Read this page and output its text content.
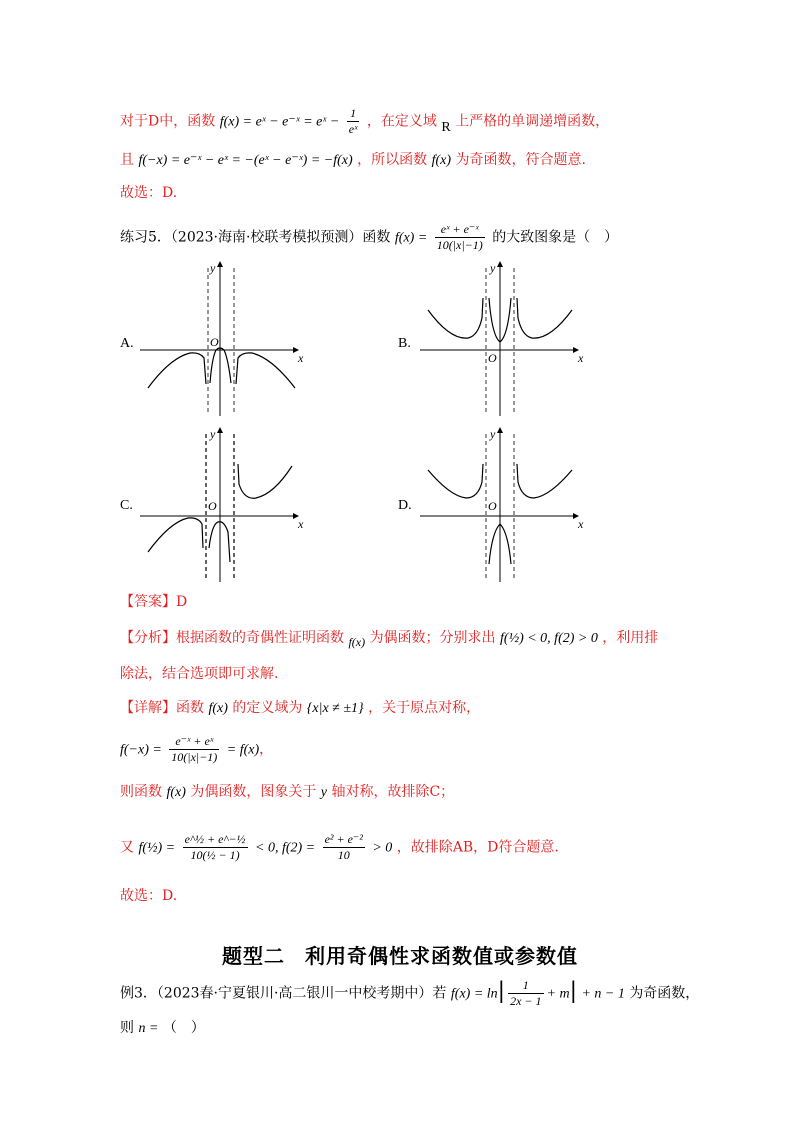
对于D中，函数 f(x) = eˣ − e⁻ˣ = eˣ − $\frac{1}{\text{eˣ}}$ ，在定义域 R 上严格的单调递增函数，
且 f(−x) = e⁻ˣ − eˣ = −(eˣ − e⁻ˣ) = −f(x) ，所以函数 f(x) 为奇函数，符合题意.
故选：D.
练习5．（2023·海南·校联考模拟预测）函数 $f(x) = \frac{\text{eˣ + e⁻ˣ}}{10(|x|-1)}$ 的大致图象是（　）
A.	B.
C.	D.
O
x
y
O	x
y
O
x
y
O
x
y
【答案】D
【分析】根据函数的奇偶性证明函数 f(x) 为偶函数；分别求出 f(½) < 0, f(2) > 0 ，利用排
除法，结合选项即可求解.
【详解】函数 f(x) 的定义域为 {x|x ≠ ±1} ，关于原点对称，
$f(-x) = \frac{\text{e⁻ˣ + eˣ}}{10(|x|-1)} = f(x)$，
则函数 f(x) 为偶函数，图象关于 y 轴对称，故排除C；
又 f(½) = $\frac{\text{e\textasciicircum{}½ + e\textasciicircum{}−½}}{\text{10(½ − 1)}} < 0$, $f(2) = \frac{\text{e² + e⁻²}}{10} > 0$ ，故排除AB，D符合题意.
故选：D.
题型二　 利用奇偶性求函数值或参数值
例3．（2023春·宁夏银川·高二银川一中校考期中）若 $f(x) = \ln| \frac{1}{2x - 1} + m| + n - 1$ 为奇函数，
则 n = （　）
